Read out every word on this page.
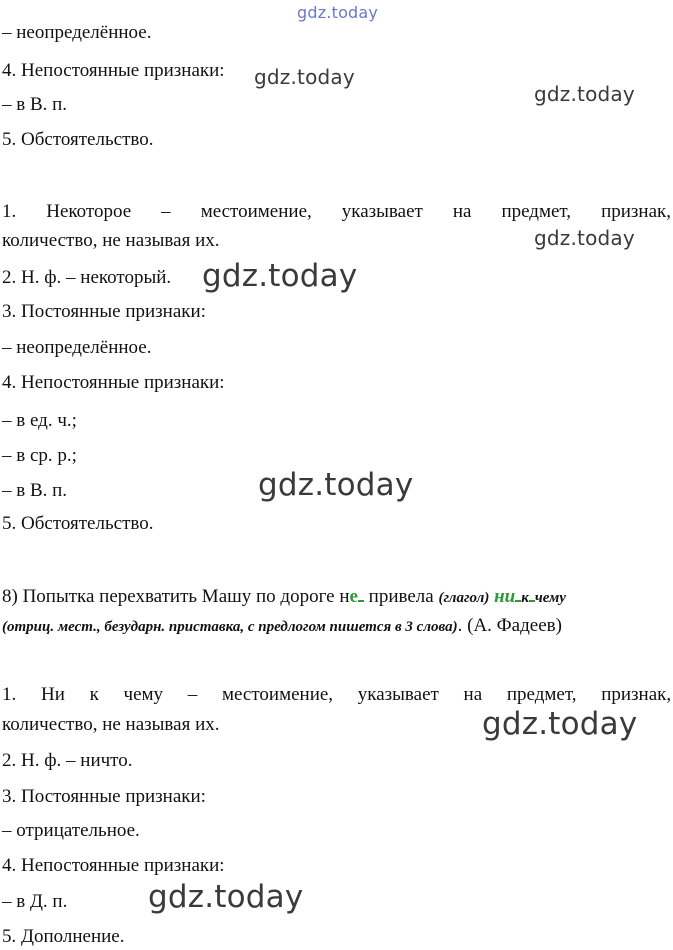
gdz.today
– неопределённое.
4. Непостоянные признаки:
– в В. п.
5. Обстоятельство.
gdz.today
gdz.today
1. Некоторое – местоимение, указывает на предмет, признак,
количество, не называя их.	gdz.today
2. Н. ф. – некоторый. gdz.today
3. Постоянные признаки:
– неопределённое.
4. Непостоянные признаки:
– в ед. ч.;
– в ср. р.;
– в В. п.	gdz.today
5. Обстоятельство.
8) Попытка перехватить Машу по дороге не привела (глагол) ни к чему
(отриц. мест., безударн. приставка, с предлогом пишется в 3 слова). (А. Фадеев)
1. Ни к чему – местоимение, указывает на предмет, признак,
количество, не называя их.	gdz.today
2. Н. ф. – ничто.
3. Постоянные признаки:
– отрицательное.
4. Непостоянные признаки:
– в Д. п.	gdz.today
5. Дополнение.
